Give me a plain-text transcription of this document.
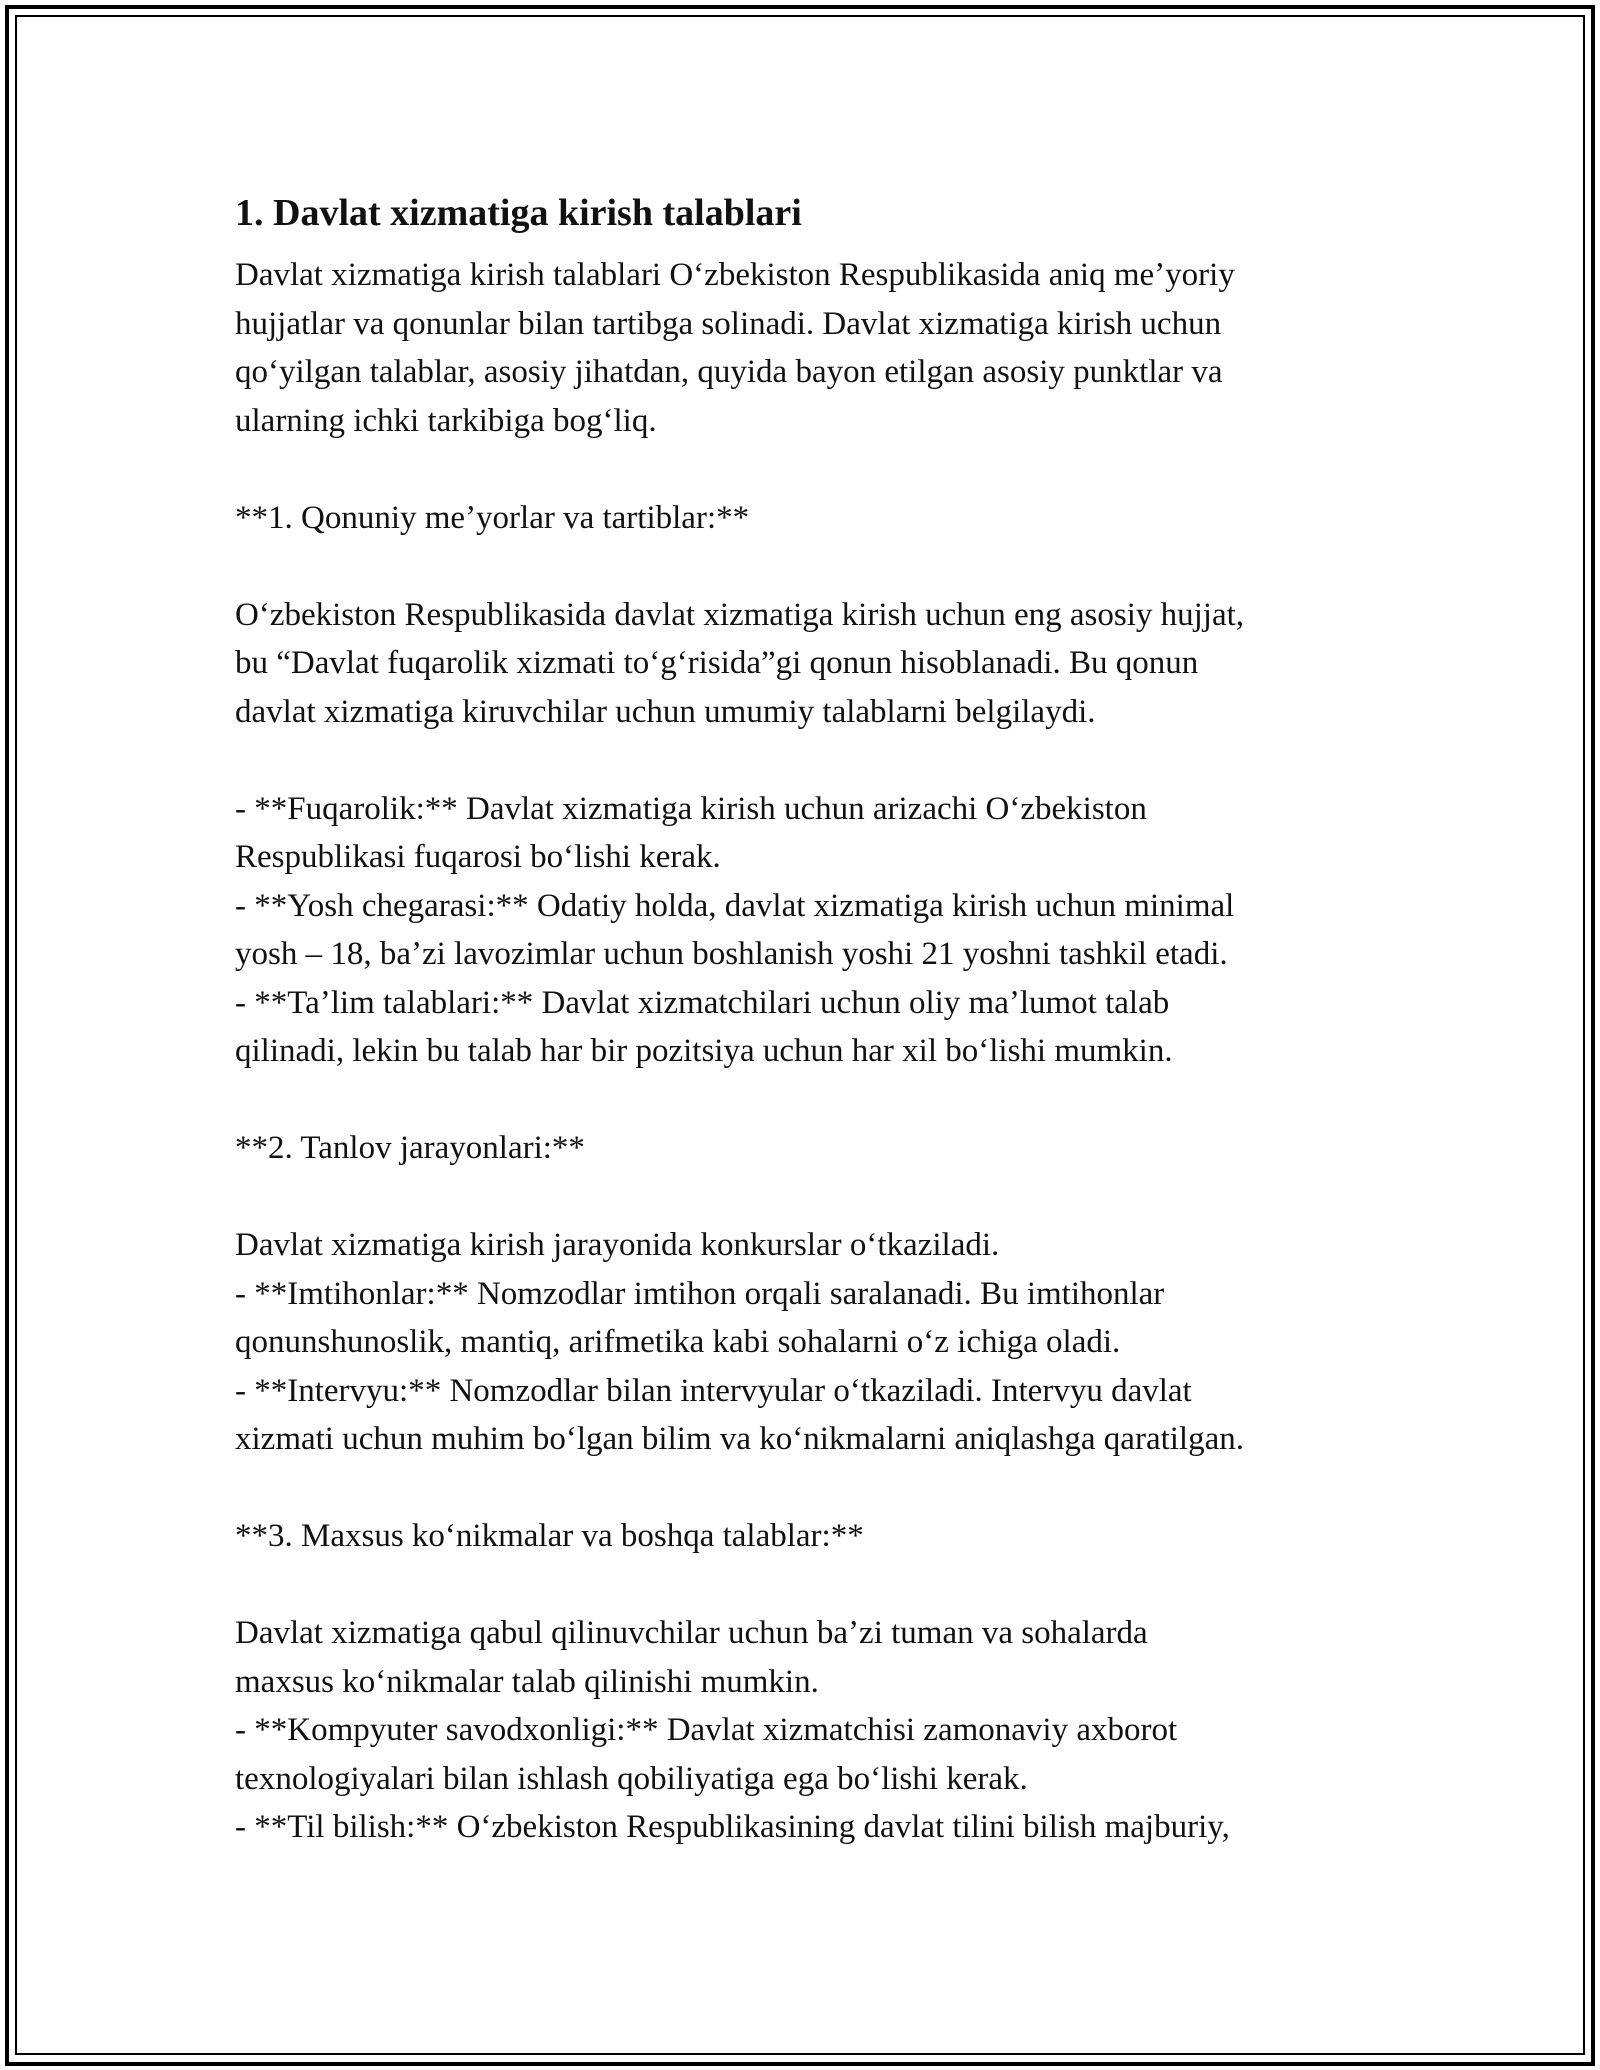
1. Davlat xizmatiga kirish talablari
Davlat xizmatiga kirish talablari Oʻzbekiston Respublikasida aniq meʼyoriy
hujjatlar va qonunlar bilan tartibga solinadi. Davlat xizmatiga kirish uchun
qoʻyilgan talablar, asosiy jihatdan, quyida bayon etilgan asosiy punktlar va
ularning ichki tarkibiga bogʻliq.
**1. Qonuniy meʼyorlar va tartiblar:**
Oʻzbekiston Respublikasida davlat xizmatiga kirish uchun eng asosiy hujjat,
bu “Davlat fuqarolik xizmati toʻgʻrisida”gi qonun hisoblanadi. Bu qonun
davlat xizmatiga kiruvchilar uchun umumiy talablarni belgilaydi.
- **Fuqarolik:** Davlat xizmatiga kirish uchun arizachi Oʻzbekiston
Respublikasi fuqarosi boʻlishi kerak.
- **Yosh chegarasi:** Odatiy holda, davlat xizmatiga kirish uchun minimal
yosh – 18, baʼzi lavozimlar uchun boshlanish yoshi 21 yoshni tashkil etadi.
- **Taʼlim talablari:** Davlat xizmatchilari uchun oliy maʼlumot talab
qilinadi, lekin bu talab har bir pozitsiya uchun har xil boʻlishi mumkin.
**2. Tanlov jarayonlari:**
Davlat xizmatiga kirish jarayonida konkurslar oʻtkaziladi.
- **Imtihonlar:** Nomzodlar imtihon orqali saralanadi. Bu imtihonlar
qonunshunoslik, mantiq, arifmetika kabi sohalarni oʻz ichiga oladi.
- **Intervyu:** Nomzodlar bilan intervyular oʻtkaziladi. Intervyu davlat
xizmati uchun muhim boʻlgan bilim va koʻnikmalarni aniqlashga qaratilgan.
**3. Maxsus koʻnikmalar va boshqa talablar:**
Davlat xizmatiga qabul qilinuvchilar uchun baʼzi tuman va sohalarda
maxsus koʻnikmalar talab qilinishi mumkin.
- **Kompyuter savodxonligi:** Davlat xizmatchisi zamonaviy axborot
texnologiyalari bilan ishlash qobiliyatiga ega boʻlishi kerak.
- **Til bilish:** Oʻzbekiston Respublikasining davlat tilini bilish majburiy,
